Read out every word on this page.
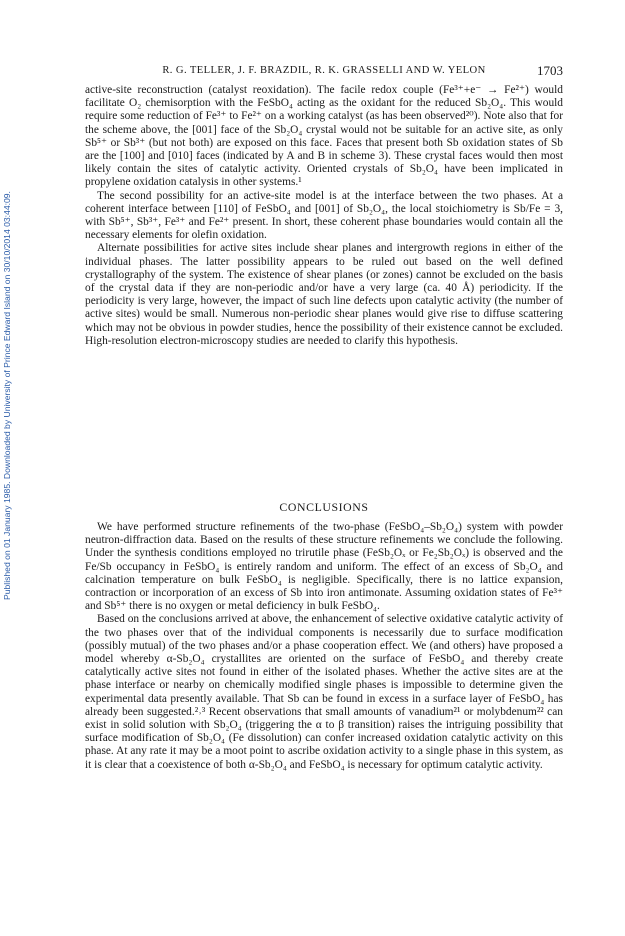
Published on 01 January 1985. Downloaded by University of Prince Edward Island on 30/10/2014 03:44:09.
R. G. TELLER, J. F. BRAZDIL, R. K. GRASSELLI AND W. YELON	1703

active-site reconstruction (catalyst reoxidation). The facile redox couple (Fe³⁺+e⁻ → Fe²⁺) would facilitate O₂ chemisorption with the FeSbO₄ acting as the oxidant for the reduced Sb₂O₄. This would require some reduction of Fe³⁺ to Fe²⁺ on a working catalyst (as has been observed²⁰). Note also that for the scheme above, the [001] face of the Sb₂O₄ crystal would not be suitable for an active site, as only Sb⁵⁺ or Sb³⁺ (but not both) are exposed on this face. Faces that present both Sb oxidation states of Sb are the [100] and [010] faces (indicated by A and B in scheme 3). These crystal faces would then most likely contain the sites of catalytic activity. Oriented crystals of Sb₂O₄ have been implicated in propylene oxidation catalysis in other systems.¹

The second possibility for an active-site model is at the interface between the two phases. At a coherent interface between [110] of FeSbO₄ and [001] of Sb₂O₄, the local stoichiometry is Sb/Fe = 3, with Sb⁵⁺, Sb³⁺, Fe³⁺ and Fe²⁺ present. In short, these coherent phase boundaries would contain all the necessary elements for olefin oxidation.

Alternate possibilities for active sites include shear planes and intergrowth regions in either of the individual phases. The latter possibility appears to be ruled out based on the well defined crystallography of the system. The existence of shear planes (or zones) cannot be excluded on the basis of the crystal data if they are non-periodic and/or have a very large (ca. 40 Å) periodicity. If the periodicity is very large, however, the impact of such line defects upon catalytic activity (the number of active sites) would be small. Numerous non-periodic shear planes would give rise to diffuse scattering which may not be obvious in powder studies, hence the possibility of their existence cannot be excluded. High-resolution electron-microscopy studies are needed to clarify this hypothesis.

CONCLUSIONS

We have performed structure refinements of the two-phase (FeSbO₄–Sb₂O₄) system with powder neutron-diffraction data. Based on the results of these structure refinements we conclude the following. Under the synthesis conditions employed no trirutile phase (FeSb₂Oₓ or Fe₂Sb₂Oₓ) is observed and the Fe/Sb occupancy in FeSbO₄ is entirely random and uniform. The effect of an excess of Sb₂O₄ and calcination temperature on bulk FeSbO₄ is negligible. Specifically, there is no lattice expansion, contraction or incorporation of an excess of Sb into iron antimonate. Assuming oxidation states of Fe³⁺ and Sb⁵⁺ there is no oxygen or metal deficiency in bulk FeSbO₄.

Based on the conclusions arrived at above, the enhancement of selective oxidative catalytic activity of the two phases over that of the individual components is necessarily due to surface modification (possibly mutual) of the two phases and/or a phase cooperation effect. We (and others) have proposed a model whereby α-Sb₂O₄ crystallites are oriented on the surface of FeSbO₄ and thereby create catalytically active sites not found in either of the isolated phases. Whether the active sites are at the phase interface or nearby on chemically modified single phases is impossible to determine given the experimental data presently available. That Sb can be found in excess in a surface layer of FeSbO₄ has already been suggested.²˒³ Recent observations that small amounts of vanadium²¹ or molybdenum²² can exist in solid solution with Sb₂O₄ (triggering the α to β transition) raises the intriguing possibility that surface modification of Sb₂O₄ (Fe dissolution) can confer increased oxidation catalytic activity on this phase. At any rate it may be a moot point to ascribe oxidation activity to a single phase in this system, as it is clear that a coexistence of both α-Sb₂O₄ and FeSbO₄ is necessary for optimum catalytic activity.
